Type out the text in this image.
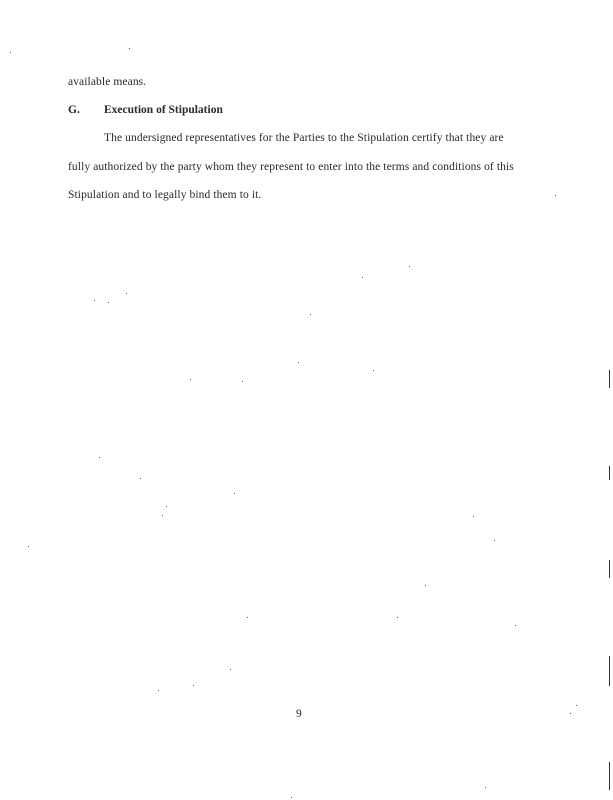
available means.
G. Execution of Stipulation
The undersigned representatives for the Parties to the Stipulation certify that they are
fully authorized by the party whom they represent to enter into the terms and conditions of this
Stipulation and to legally bind them to it.
9
